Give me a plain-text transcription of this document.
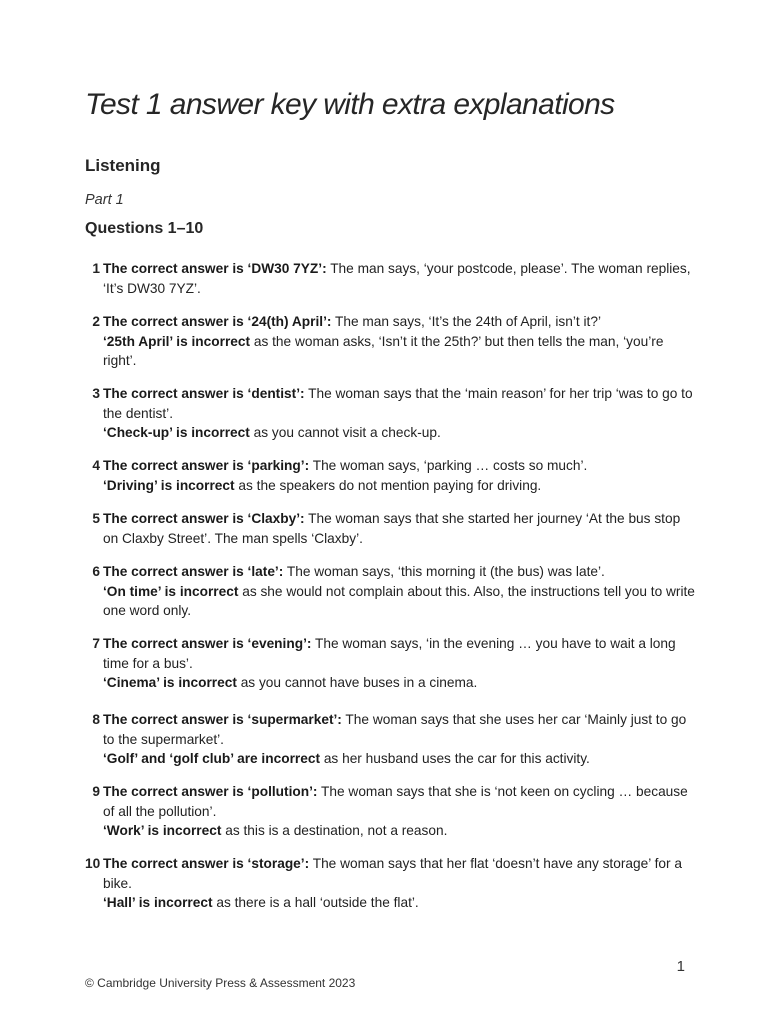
Test 1 answer key with extra explanations
Listening

Part 1

Questions 1–10
1 The correct answer is ‘DW30 7YZ’: The man says, ‘your postcode, please’. The woman replies, ‘It’s DW30 7YZ’.

2 The correct answer is ‘24(th) April’: The man says, ‘It’s the 24th of April, isn’t it?’

‘25th April’ is incorrect as the woman asks, ‘Isn’t it the 25th?’ but then tells the man, ‘you’re right’.

3 The correct answer is ‘dentist’: The woman says that the ‘main reason’ for her trip ‘was to go to the dentist’.

‘Check-up’ is incorrect as you cannot visit a check-up.

4 The correct answer is ‘parking’: The woman says, ‘parking … costs so much’.

‘Driving’ is incorrect as the speakers do not mention paying for driving.

5 The correct answer is ‘Claxby’: The woman says that she started her journey ‘At the bus stop on Claxby Street’. The man spells ‘Claxby’.

6 The correct answer is ‘late’: The woman says, ‘this morning it (the bus) was late’.

‘On time’ is incorrect as she would not complain about this. Also, the instructions tell you to write one word only.

7 The correct answer is ‘evening’: The woman says, ‘in the evening … you have to wait a long time for a bus’.

‘Cinema’ is incorrect as you cannot have buses in a cinema.

8 The correct answer is ‘supermarket’: The woman says that she uses her car ‘Mainly just to go to the supermarket’.

‘Golf’ and ‘golf club’ are incorrect as her husband uses the car for this activity.

9 The correct answer is ‘pollution’: The woman says that she is ‘not keen on cycling … because of all the pollution’.

‘Work’ is incorrect as this is a destination, not a reason.

10 The correct answer is ‘storage’: The woman says that her flat ‘doesn’t have any storage’ for a bike.

‘Hall’ is incorrect as there is a hall ‘outside the flat’.

1
© Cambridge University Press & Assessment 2023
